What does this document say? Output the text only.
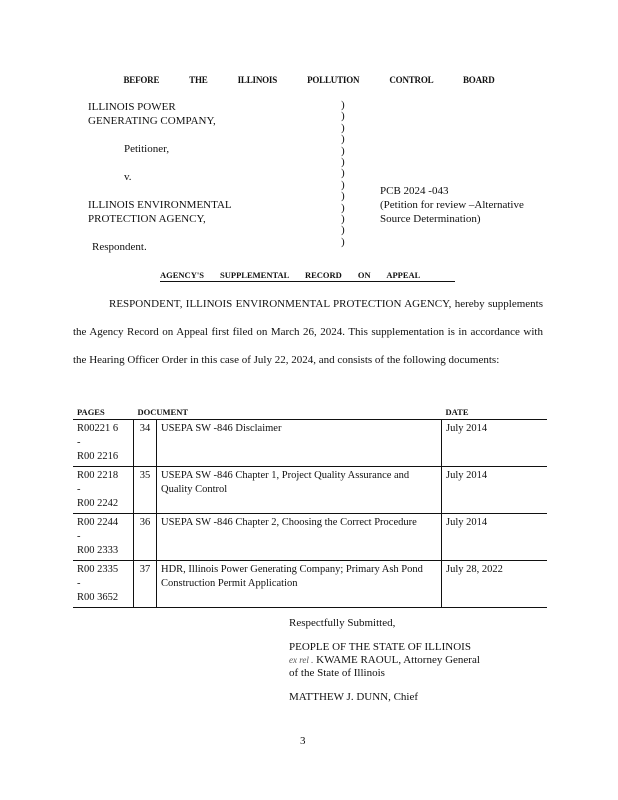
BEFORE THE ILLINOIS POLLUTION CONTROL BOARD
ILLINOIS POWER
GENERATING COMPANY,
Petitioner,
v.
ILLINOIS ENVIRONMENTAL
PROTECTION AGENCY,
Respondent.
)
)
)
)
)
)
)
)
)
)
)
)
)
PCB 2024 -043
(Petition for review –Alternative
Source Determination)
AGENCY'S SUPPLEMENTAL RECORD ON APPEAL
RESPONDENT, ILLINOIS ENVIRONMENTAL PROTECTION AGENCY, hereby supplements the Agency Record on Appeal first filed on March 26, 2024. This supplementation is in accordance with the Hearing Officer Order in this case of July 22, 2024, and consists of the following documents:
PAGES	DOCUMENT		DATE

R00221 6
-
R00 2216	34	USEPA SW -846 Disclaimer	July 2014

R00 2218
-
R00 2242	35	USEPA SW -846 Chapter 1, Project Quality Assurance and Quality Control	July 2014

R00 2244
-
R00 2333	36	USEPA SW -846 Chapter 2, Choosing the Correct Procedure	July 2014

R00 2335
-
R00 3652	37	HDR, Illinois Power Generating Company; Primary Ash Pond Construction Permit Application	July 28, 2022
Respectfully Submitted,
PEOPLE OF THE STATE OF ILLINOIS
ex rel . KWAME RAOUL, Attorney General
of the State of Illinois
MATTHEW J. DUNN, Chief
3
